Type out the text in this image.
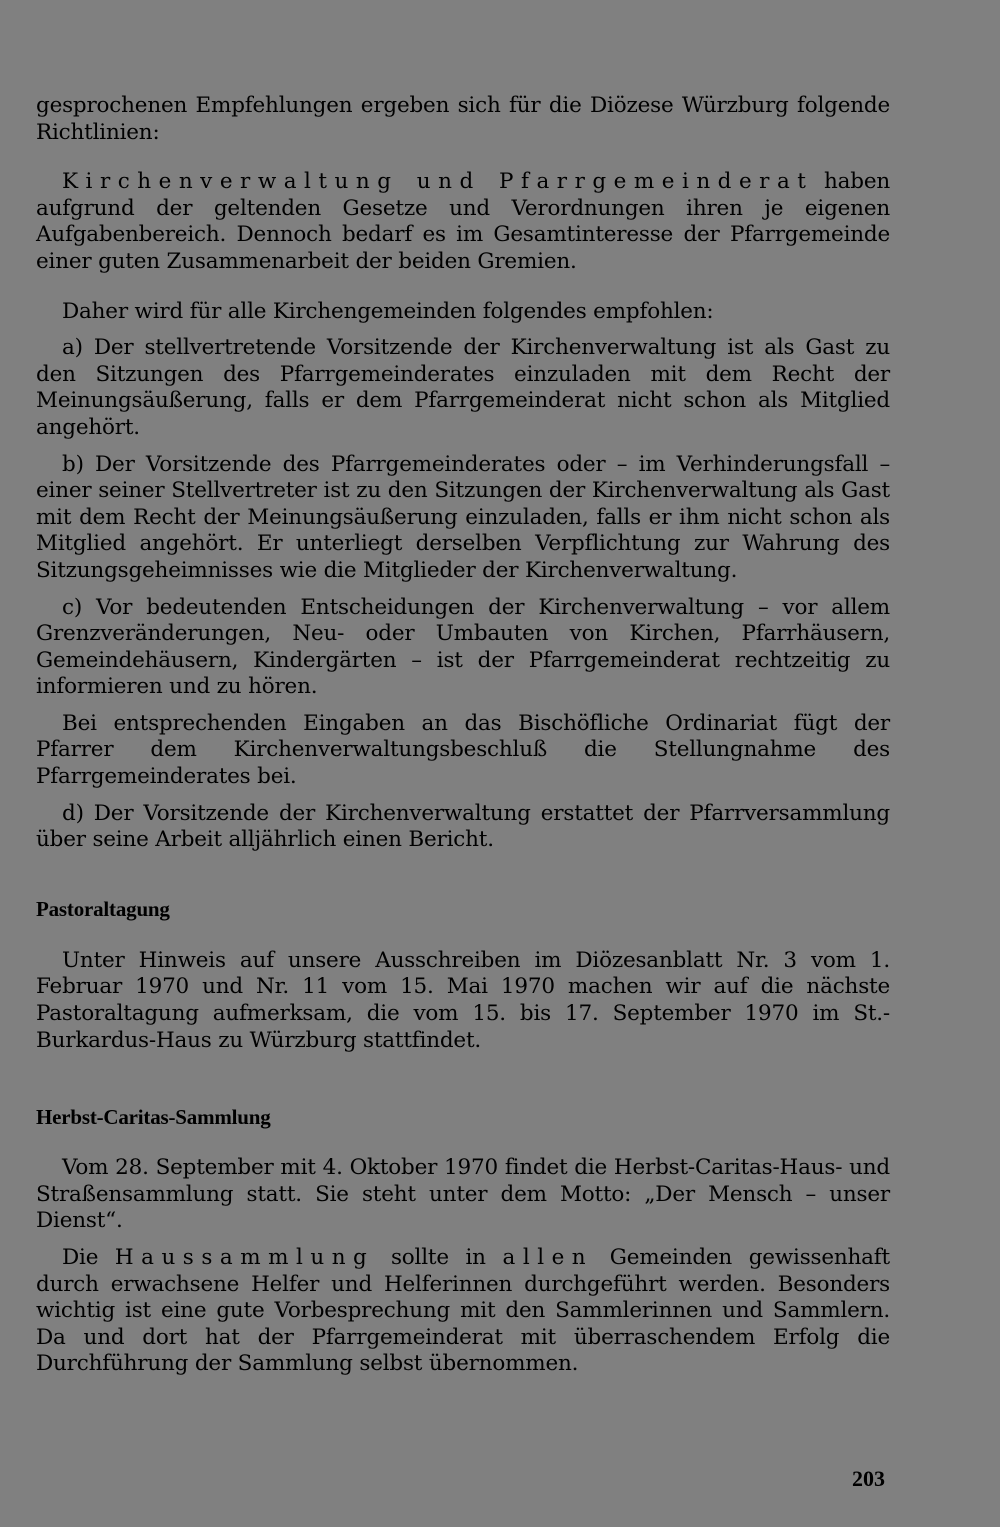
gesprochenen Empfehlungen ergeben sich für die Diözese Würzburg folgende Richtlinien:

Kirchenverwaltung und Pfarrgemeinderat haben aufgrund der geltenden Gesetze und Verordnungen ihren je eigenen Aufgabenbereich. Dennoch bedarf es im Gesamtinteresse der Pfarrgemeinde einer guten Zusammenarbeit der beiden Gremien.

Daher wird für alle Kirchengemeinden folgendes empfohlen:

a) Der stellvertretende Vorsitzende der Kirchenverwaltung ist als Gast zu den Sitzungen des Pfarrgemeinderates einzuladen mit dem Recht der Meinungsäußerung, falls er dem Pfarrgemeinderat nicht schon als Mitglied angehört.

b) Der Vorsitzende des Pfarrgemeinderates oder – im Verhinderungsfall – einer seiner Stellvertreter ist zu den Sitzungen der Kirchenverwaltung als Gast mit dem Recht der Meinungsäußerung einzuladen, falls er ihm nicht schon als Mitglied angehört. Er unterliegt derselben Verpflichtung zur Wahrung des Sitzungsgeheimnisses wie die Mitglieder der Kirchenverwaltung.

c) Vor bedeutenden Entscheidungen der Kirchenverwaltung – vor allem Grenzveränderungen, Neu- oder Umbauten von Kirchen, Pfarrhäusern, Gemeindehäusern, Kindergärten – ist der Pfarrgemeinderat rechtzeitig zu informieren und zu hören.

Bei entsprechenden Eingaben an das Bischöfliche Ordinariat fügt der Pfarrer dem Kirchenverwaltungsbeschluß die Stellungnahme des Pfarrgemeinderates bei.

d) Der Vorsitzende der Kirchenverwaltung erstattet der Pfarrversammlung über seine Arbeit alljährlich einen Bericht.

Pastoraltagung

Unter Hinweis auf unsere Ausschreiben im Diözesanblatt Nr. 3 vom 1. Februar 1970 und Nr. 11 vom 15. Mai 1970 machen wir auf die nächste Pastoraltagung aufmerksam, die vom 15. bis 17. September 1970 im St.-Burkardus-Haus zu Würzburg stattfindet.

Herbst-Caritas-Sammlung

Vom 28. September mit 4. Oktober 1970 findet die Herbst-Caritas-Haus- und Straßensammlung statt. Sie steht unter dem Motto: „Der Mensch – unser Dienst“.

Die Haussammlung sollte in allen Gemeinden gewissenhaft durch erwachsene Helfer und Helferinnen durchgeführt werden. Besonders wichtig ist eine gute Vorbesprechung mit den Sammlerinnen und Sammlern. Da und dort hat der Pfarrgemeinderat mit überraschendem Erfolg die Durchführung der Sammlung selbst übernommen.

203
